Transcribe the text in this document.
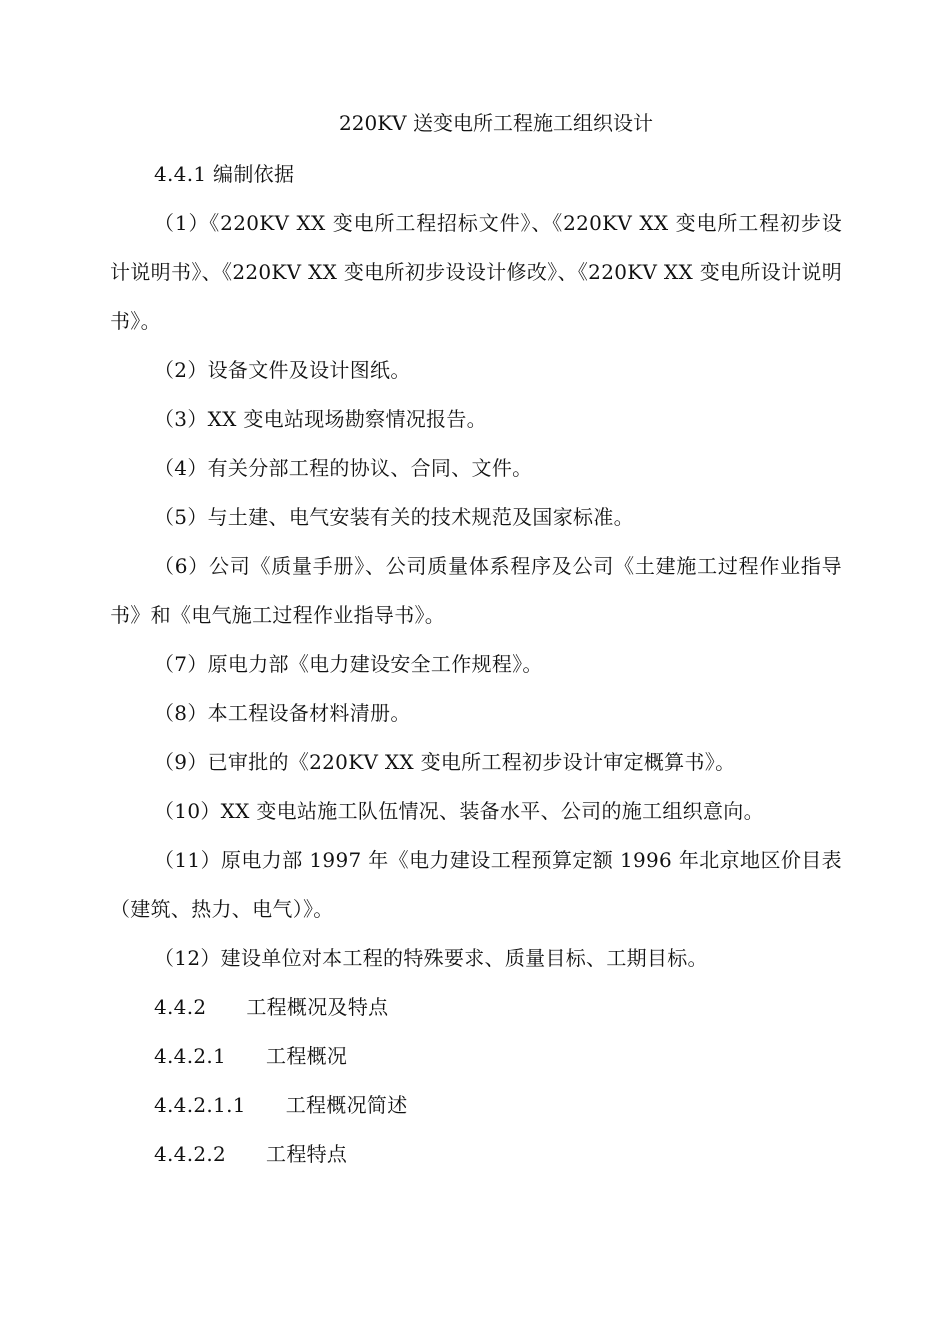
220KV 送变电所工程施工组织设计
4.4.1 编制依据
（1）《220KV XX 变电所工程招标文件》、《220KV XX 变电所工程初步设计说明书》、《220KV XX 变电所初步设设计修改》、《220KV XX 变电所设计说明书》。
（2）设备文件及设计图纸。
（3）XX 变电站现场勘察情况报告。
（4）有关分部工程的协议、合同、文件。
（5）与土建、电气安装有关的技术规范及国家标准。
（6）公司《质量手册》、公司质量体系程序及公司《土建施工过程作业指导书》和《电气施工过程作业指导书》。
（7）原电力部《电力建设安全工作规程》。
（8）本工程设备材料清册。
（9）已审批的《220KV XX 变电所工程初步设计审定概算书》。
（10）XX 变电站施工队伍情况、装备水平、公司的施工组织意向。
（11）原电力部 1997 年《电力建设工程预算定额 1996 年北京地区价目表（建筑、热力、电气）》。
（12）建设单位对本工程的特殊要求、质量目标、工期目标。
4.4.2      工程概况及特点
4.4.2.1      工程概况
4.4.2.1.1      工程概况简述
4.4.2.2      工程特点
